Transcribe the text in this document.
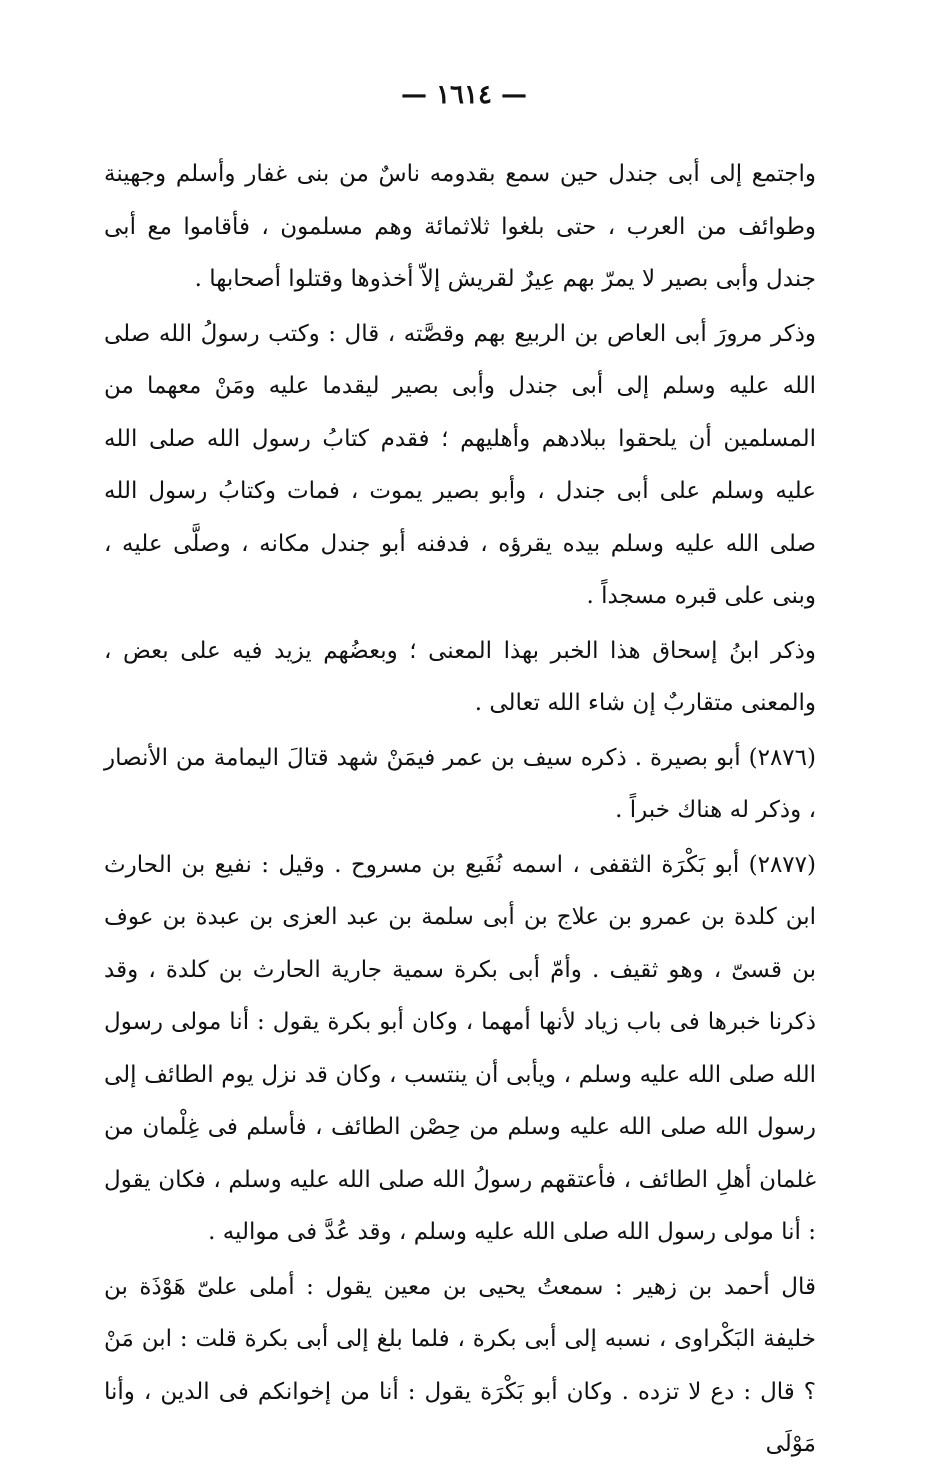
— ١٦١٤ —

واجتمع إلى أبى جندل حين سمع بقدومه ناسٌ من بنى غفار وأسلم وجهينة وطوائف من العرب ، حتى بلغوا ثلاثمائة وهم مسلمون ، فأقاموا مع أبى جندل وأبى بصير لا يمرّ بهم عِيرٌ لقريش إلاّ أخذوها وقتلوا أصحابها .

وذكر مرورَ أبى العاص بن الربيع بهم وقصَّته ، قال : وكتب رسولُ الله صلى الله عليه وسلم إلى أبى جندل وأبى بصير ليقدما عليه ومَنْ معهما من المسلمين أن يلحقوا ببلادهم وأهليهم ؛ فقدم كتابُ رسول الله صلى الله عليه وسلم على أبى جندل ، وأبو بصير يموت ، فمات وكتابُ رسول الله صلى الله عليه وسلم بيده يقرؤه ، فدفنه أبو جندل مكانه ، وصلَّى عليه ، وبنى على قبره مسجداً .

وذكر ابنُ إسحاق هذا الخبر بهذا المعنى ؛ وبعضُهم يزيد فيه على بعض ، والمعنى متقاربٌ إن شاء الله تعالى .

(٢٨٧٦) أبو بصيرة . ذكره سيف بن عمر فيمَنْ شهد قتالَ اليمامة من الأنصار ، وذكر له هناك خبراً .

(٢٨٧٧) أبو بَكْرَة الثقفى ، اسمه نُفَيع بن مسروح . وقيل : نفيع بن الحارث ابن كلدة بن عمرو بن علاج بن أبى سلمة بن عبد العزى بن عبدة بن عوف بن قسىّ ، وهو ثقيف . وأمّ أبى بكرة سمية جارية الحارث بن كلدة ، وقد ذكرنا خبرها فى باب زياد لأنها أمهما ، وكان أبو بكرة يقول : أنا مولى رسول الله صلى الله عليه وسلم ، ويأبى أن ينتسب ، وكان قد نزل يوم الطائف إلى رسول الله صلى الله عليه وسلم من حِصْن الطائف ، فأسلم فى غِلْمان من غلمان أهلِ الطائف ، فأعتقهم رسولُ الله صلى الله عليه وسلم ، فكان يقول : أنا مولى رسول الله صلى الله عليه وسلم ، وقد عُدَّ فى مواليه .

قال أحمد بن زهير : سمعتُ يحيى بن معين يقول : أملى علىّ هَوْذَة بن خليفة البَكْراوى ، نسبه إلى أبى بكرة ، فلما بلغ إلى أبى بكرة قلت : ابن مَنْ ؟ قال : دع لا تزده . وكان أبو بَكْرَة يقول : أنا من إخوانكم فى الدين ، وأنا مَوْلَى
